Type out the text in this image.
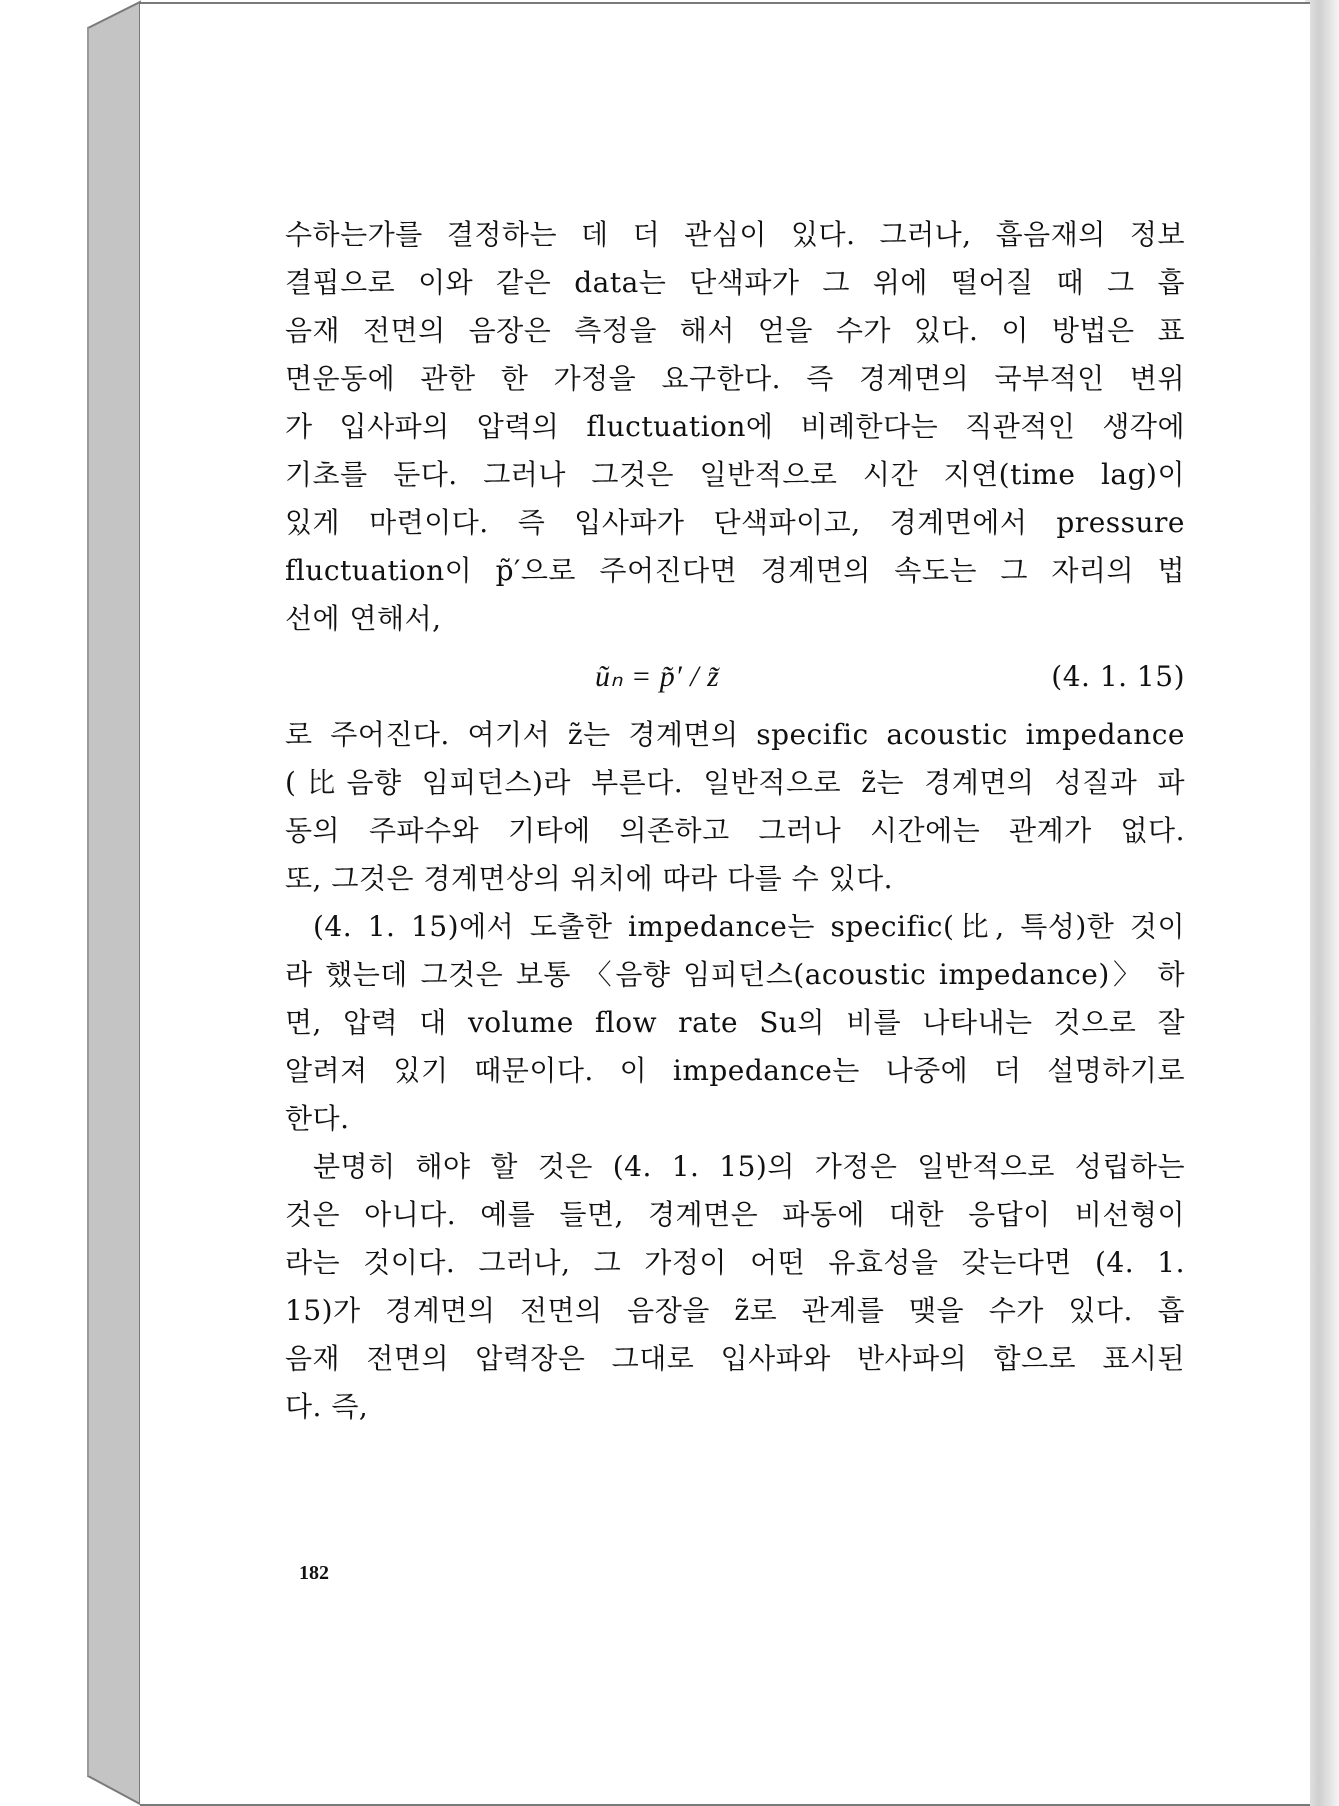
수하는가를 결정하는 데 더 관심이 있다. 그러나, 흡음재의 정보
결핍으로 이와 같은 data는 단색파가 그 위에 떨어질 때 그 흡
음재 전면의 음장은 측정을 해서 얻을 수가 있다. 이 방법은 표
면운동에 관한 한 가정을 요구한다. 즉 경계면의 국부적인 변위
가 입사파의 압력의 fluctuation에 비례한다는 직관적인 생각에
기초를 둔다. 그러나 그것은 일반적으로 시간 지연(time lag)이
있게 마련이다. 즉 입사파가 단색파이고, 경계면에서 pressure
fluctuation이 p̃′으로 주어진다면 경계면의 속도는 그 자리의 법
선에 연해서,
ũₙ = p̃′ / z̃	(4. 1. 15)
로 주어진다. 여기서 z̃는 경계면의 specific acoustic impedance
(比음향 임피던스)라 부른다. 일반적으로 z̃는 경계면의 성질과 파
동의 주파수와 기타에 의존하고 그러나 시간에는 관계가 없다.
또, 그것은 경계면상의 위치에 따라 다를 수 있다.
(4. 1. 15)에서 도출한 impedance는 specific(比, 특성)한 것이
라 했는데 그것은 보통 〈음향 임피던스(acoustic impedance)〉 하
면, 압력 대 volume flow rate Su의 비를 나타내는 것으로 잘
알려져 있기 때문이다. 이 impedance는 나중에 더 설명하기로
한다.
분명히 해야 할 것은 (4. 1. 15)의 가정은 일반적으로 성립하는
것은 아니다. 예를 들면, 경계면은 파동에 대한 응답이 비선형이
라는 것이다. 그러나, 그 가정이 어떤 유효성을 갖는다면 (4. 1.
15)가 경계면의 전면의 음장을 z̃로 관계를 맺을 수가 있다. 흡
음재 전면의 압력장은 그대로 입사파와 반사파의 합으로 표시된
다. 즉,
182
